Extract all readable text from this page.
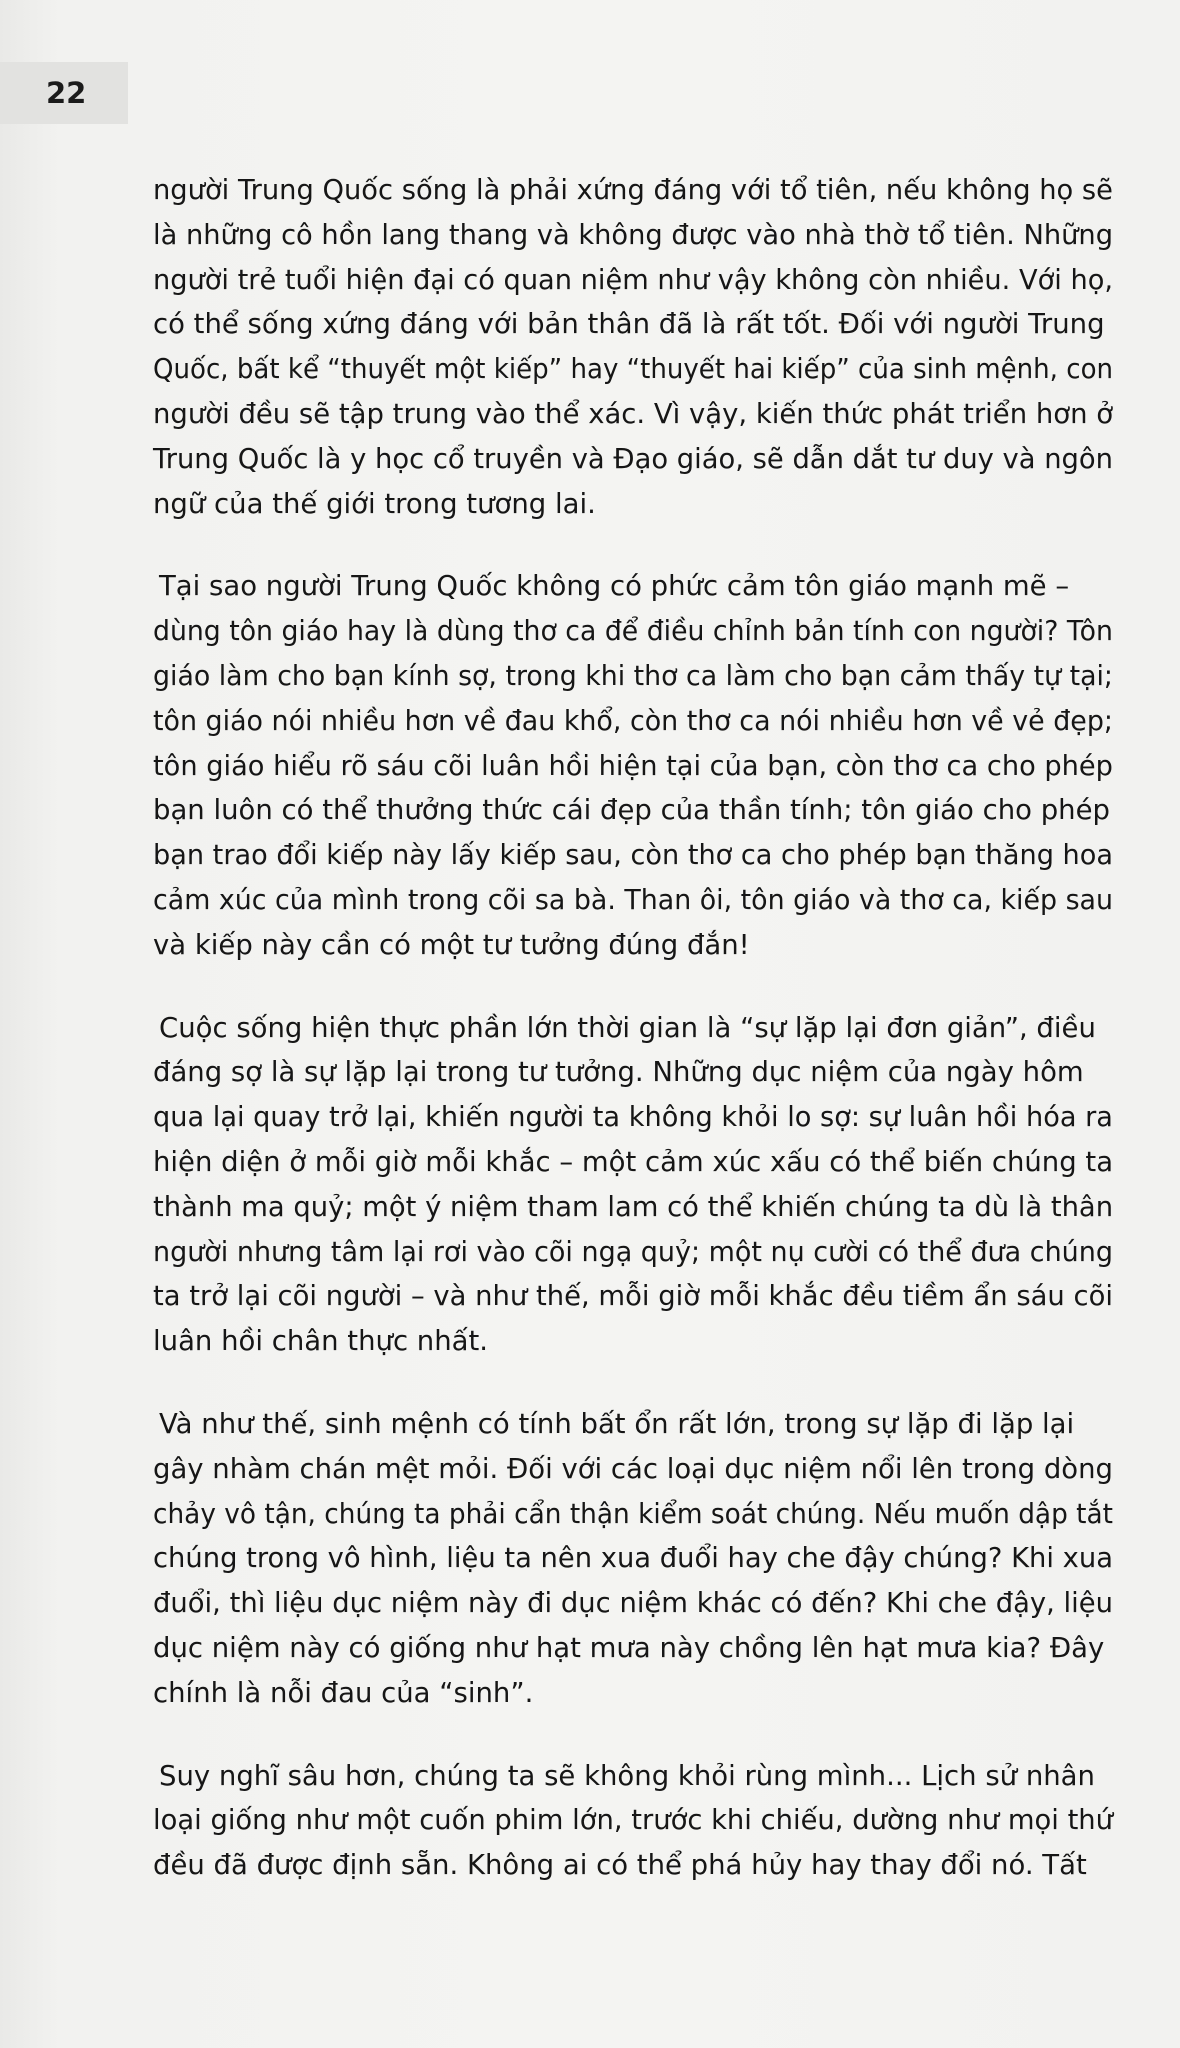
22

người Trung Quốc sống là phải xứng đáng với tổ tiên, nếu không họ sẽ
là những cô hồn lang thang và không được vào nhà thờ tổ tiên. Những
người trẻ tuổi hiện đại có quan niệm như vậy không còn nhiều. Với họ,
có thể sống xứng đáng với bản thân đã là rất tốt. Đối với người Trung
Quốc, bất kể “thuyết một kiếp” hay “thuyết hai kiếp” của sinh mệnh, con
người đều sẽ tập trung vào thể xác. Vì vậy, kiến thức phát triển hơn ở
Trung Quốc là y học cổ truyền và Đạo giáo, sẽ dẫn dắt tư duy và ngôn
ngữ của thế giới trong tương lai.

Tại sao người Trung Quốc không có phức cảm tôn giáo mạnh mẽ –
dùng tôn giáo hay là dùng thơ ca để điều chỉnh bản tính con người? Tôn
giáo làm cho bạn kính sợ, trong khi thơ ca làm cho bạn cảm thấy tự tại;
tôn giáo nói nhiều hơn về đau khổ, còn thơ ca nói nhiều hơn về vẻ đẹp;
tôn giáo hiểu rõ sáu cõi luân hồi hiện tại của bạn, còn thơ ca cho phép
bạn luôn có thể thưởng thức cái đẹp của thần tính; tôn giáo cho phép
bạn trao đổi kiếp này lấy kiếp sau, còn thơ ca cho phép bạn thăng hoa
cảm xúc của mình trong cõi sa bà. Than ôi, tôn giáo và thơ ca, kiếp sau
và kiếp này cần có một tư tưởng đúng đắn!

Cuộc sống hiện thực phần lớn thời gian là “sự lặp lại đơn giản”, điều
đáng sợ là sự lặp lại trong tư tưởng. Những dục niệm của ngày hôm
qua lại quay trở lại, khiến người ta không khỏi lo sợ: sự luân hồi hóa ra
hiện diện ở mỗi giờ mỗi khắc – một cảm xúc xấu có thể biến chúng ta
thành ma quỷ; một ý niệm tham lam có thể khiến chúng ta dù là thân
người nhưng tâm lại rơi vào cõi ngạ quỷ; một nụ cười có thể đưa chúng
ta trở lại cõi người – và như thế, mỗi giờ mỗi khắc đều tiềm ẩn sáu cõi
luân hồi chân thực nhất.

Và như thế, sinh mệnh có tính bất ổn rất lớn, trong sự lặp đi lặp lại
gây nhàm chán mệt mỏi. Đối với các loại dục niệm nổi lên trong dòng
chảy vô tận, chúng ta phải cẩn thận kiểm soát chúng. Nếu muốn dập tắt
chúng trong vô hình, liệu ta nên xua đuổi hay che đậy chúng? Khi xua
đuổi, thì liệu dục niệm này đi dục niệm khác có đến? Khi che đậy, liệu
dục niệm này có giống như hạt mưa này chồng lên hạt mưa kia? Đây
chính là nỗi đau của “sinh”.

Suy nghĩ sâu hơn, chúng ta sẽ không khỏi rùng mình... Lịch sử nhân
loại giống như một cuốn phim lớn, trước khi chiếu, dường như mọi thứ
đều đã được định sẵn. Không ai có thể phá hủy hay thay đổi nó. Tất
